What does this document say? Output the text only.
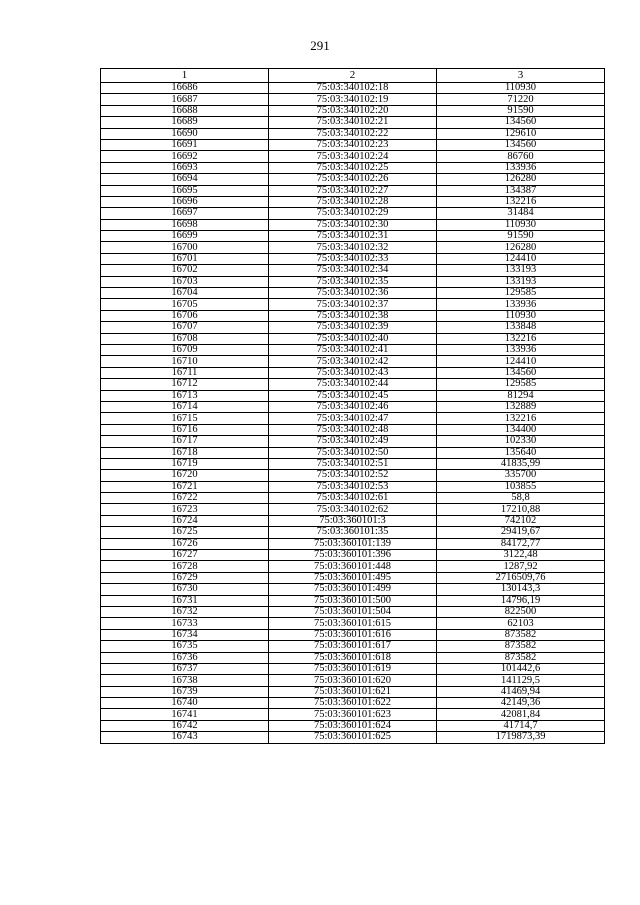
291
1	2	3
16686	75:03:340102:18	110930
16687	75:03:340102:19	71220
16688	75:03:340102:20	91590
16689	75:03:340102:21	134560
16690	75:03:340102:22	129610
16691	75:03:340102:23	134560
16692	75:03:340102:24	86760
16693	75:03:340102:25	133936
16694	75:03:340102:26	126280
16695	75:03:340102:27	134387
16696	75:03:340102:28	132216
16697	75:03:340102:29	31484
16698	75:03:340102:30	110930
16699	75:03:340102:31	91590
16700	75:03:340102:32	126280
16701	75:03:340102:33	124410
16702	75:03:340102:34	133193
16703	75:03:340102:35	133193
16704	75:03:340102:36	129585
16705	75:03:340102:37	133936
16706	75:03:340102:38	110930
16707	75:03:340102:39	133848
16708	75:03:340102:40	132216
16709	75:03:340102:41	133936
16710	75:03:340102:42	124410
16711	75:03:340102:43	134560
16712	75:03:340102:44	129585
16713	75:03:340102:45	81294
16714	75:03:340102:46	132889
16715	75:03:340102:47	132216
16716	75:03:340102:48	134400
16717	75:03:340102:49	102330
16718	75:03:340102:50	135640
16719	75:03:340102:51	41835,99
16720	75:03:340102:52	335700
16721	75:03:340102:53	103855
16722	75:03:340102:61	58,8
16723	75:03:340102:62	17210,88
16724	75:03:360101:3	742102
16725	75:03:360101:35	29419,67
16726	75:03:360101:139	84172,77
16727	75:03:360101:396	3122,48
16728	75:03:360101:448	1287,92
16729	75:03:360101:495	2716509,76
16730	75:03:360101:499	130143,3
16731	75:03:360101:500	14796,19
16732	75:03:360101:504	822500
16733	75:03:360101:615	62103
16734	75:03:360101:616	873582
16735	75:03:360101:617	873582
16736	75:03:360101:618	873582
16737	75:03:360101:619	101442,6
16738	75:03:360101:620	141129,5
16739	75:03:360101:621	41469,94
16740	75:03:360101:622	42149,36
16741	75:03:360101:623	42081,84
16742	75:03:360101:624	41714,7
16743	75:03:360101:625	1719873,39
